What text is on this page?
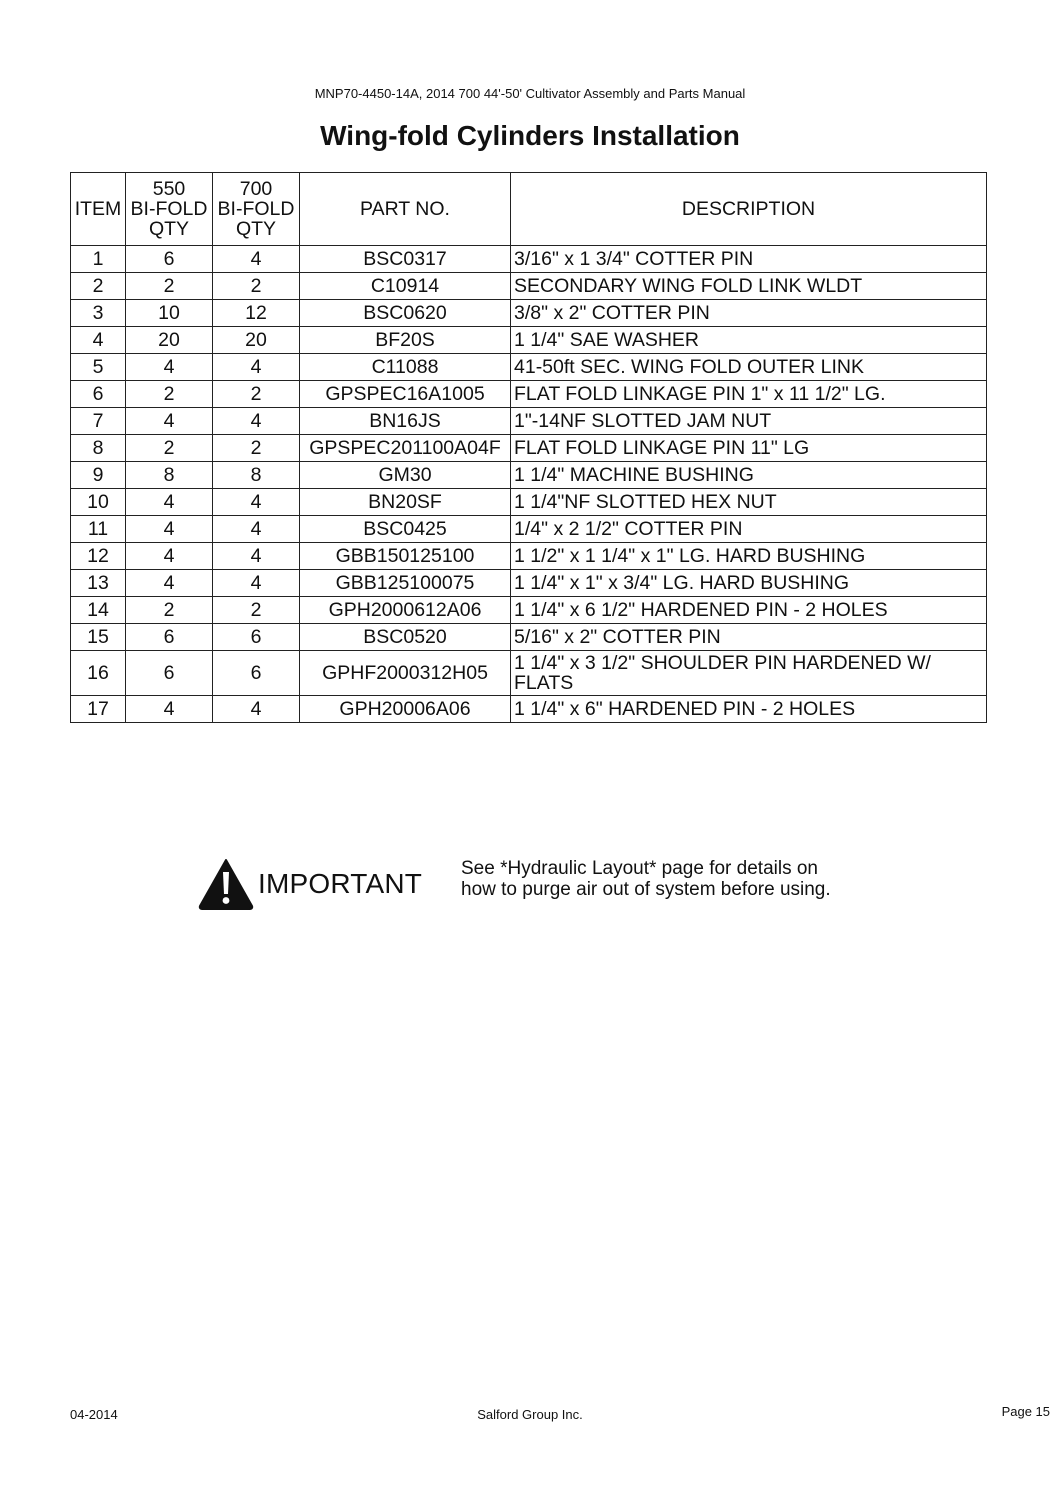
MNP70-4450-14A, 2014 700 44'-50' Cultivator Assembly and Parts Manual
Wing-fold Cylinders Installation
ITEM	550
BI-FOLD
QTY	700
BI-FOLD
QTY	PART NO.	DESCRIPTION
1	6	4	BSC0317	3/16" x 1 3/4" COTTER PIN
2	2	2	C10914	SECONDARY WING FOLD LINK WLDT
3	10	12	BSC0620	3/8" x 2" COTTER PIN
4	20	20	BF20S	1 1/4" SAE WASHER
5	4	4	C11088	41-50ft SEC. WING FOLD OUTER LINK
6	2	2	GPSPEC16A1005	FLAT FOLD LINKAGE PIN 1" x 11 1/2" LG.
7	4	4	BN16JS	1"-14NF SLOTTED JAM NUT
8	2	2	GPSPEC201100A04F	FLAT FOLD LINKAGE PIN 11" LG
9	8	8	GM30	1 1/4" MACHINE BUSHING
10	4	4	BN20SF	1 1/4"NF SLOTTED HEX NUT
11	4	4	BSC0425	1/4" x 2 1/2" COTTER PIN
12	4	4	GBB150125100	1 1/2" x 1 1/4" x 1" LG. HARD BUSHING
13	4	4	GBB125100075	1 1/4" x 1" x 3/4" LG. HARD BUSHING
14	2	2	GPH2000612A06	1 1/4" x 6 1/2" HARDENED PIN - 2 HOLES
15	6	6	BSC0520	5/16" x 2" COTTER PIN
16	6	6	GPHF2000312H05	1 1/4" x 3 1/2" SHOULDER PIN HARDENED W/ FLATS
17	4	4	GPH20006A06	1 1/4" x 6" HARDENED PIN - 2 HOLES
IMPORTANT See *Hydraulic Layout* page for details on
how to purge air out of system before using.
04-2014	Salford Group Inc.	Page 15
